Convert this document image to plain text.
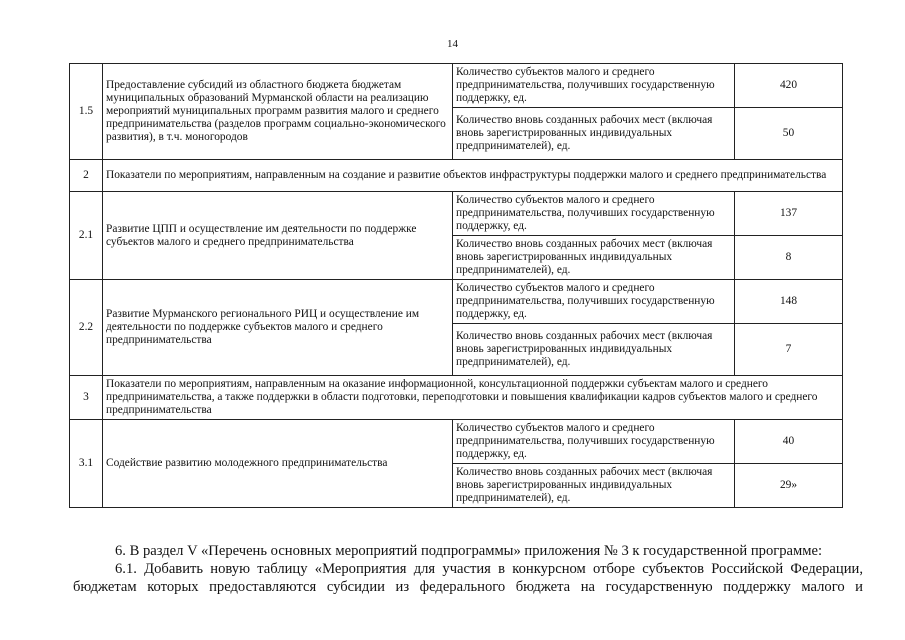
14
1.5	Предоставление субсидий из областного бюджета бюджетам муниципальных образований Мурманской области на реализацию мероприятий муниципальных программ развития малого и среднего предпринимательства (разделов программ социально-экономического развития), в т.ч. моногородов	Количество субъектов малого и среднего предпринимательства, получивших государственную поддержку, ед.	420
		Количество вновь созданных рабочих мест (включая вновь зарегистрированных индивидуальных предпринимателей), ед.	50
2	Показатели по мероприятиям, направленным на создание и развитие объектов инфраструктуры поддержки малого и среднего предпринимательства		
2.1	Развитие ЦПП и осуществление им деятельности по поддержке субъектов малого и среднего предпринимательства	Количество субъектов малого и среднего предпринимательства, получивших государственную поддержку, ед.	137
		Количество вновь созданных рабочих мест (включая вновь зарегистрированных индивидуальных предпринимателей), ед.	8
2.2	Развитие Мурманского регионального РИЦ и осуществление им деятельности по поддержке субъектов малого и среднего предпринимательства	Количество субъектов малого и среднего предпринимательства, получивших государственную поддержку, ед.	148
		Количество вновь созданных рабочих мест (включая вновь зарегистрированных индивидуальных предпринимателей), ед.	7
3	Показатели по мероприятиям, направленным на оказание информационной, консультационной поддержки субъектам малого и среднего предпринимательства, а также поддержки в области подготовки, переподготовки и повышения квалификации кадров субъектов малого и среднего предпринимательства		
3.1	Содействие развитию молодежного предпринимательства	Количество субъектов малого и среднего предпринимательства, получивших государственную поддержку, ед.	40
		Количество вновь созданных рабочих мест (включая вновь зарегистрированных индивидуальных предпринимателей), ед.	29»
6. В раздел V «Перечень основных мероприятий подпрограммы» приложения № 3 к государственной программе:
6.1. Добавить новую таблицу «Мероприятия для участия в конкурсном отборе субъектов Российской Федерации,
бюджетам которых предоставляются субсидии из федерального бюджета на государственную поддержку малого и
